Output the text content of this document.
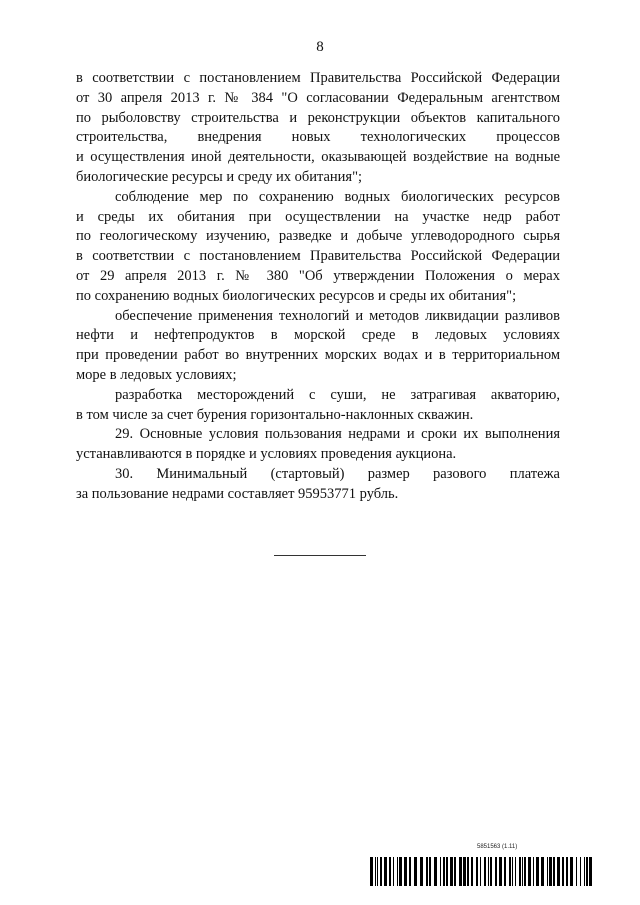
8
в соответствии с постановлением Правительства Российской Федерации
от 30 апреля 2013 г. № 384 "О согласовании Федеральным агентством
по рыболовству строительства и реконструкции объектов капитального
строительства, внедрения новых технологических процессов
и осуществления иной деятельности, оказывающей воздействие на водные
биологические ресурсы и среду их обитания";
соблюдение мер по сохранению водных биологических ресурсов
и среды их обитания при осуществлении на участке недр работ
по геологическому изучению, разведке и добыче углеводородного сырья
в соответствии с постановлением Правительства Российской Федерации
от 29 апреля 2013 г. № 380 "Об утверждении Положения о мерах
по сохранению водных биологических ресурсов и среды их обитания";
обеспечение применения технологий и методов ликвидации разливов
нефти и нефтепродуктов в морской среде в ледовых условиях
при проведении работ во внутренних морских водах и в территориальном
море в ледовых условиях;
разработка месторождений с суши, не затрагивая акваторию,
в том числе за счет бурения горизонтально-наклонных скважин.
29. Основные условия пользования недрами и сроки их выполнения
устанавливаются в порядке и условиях проведения аукциона.
30. Минимальный (стартовый) размер разового платежа
за пользование недрами составляет 95953771 рубль.
5851563 (1.11)
